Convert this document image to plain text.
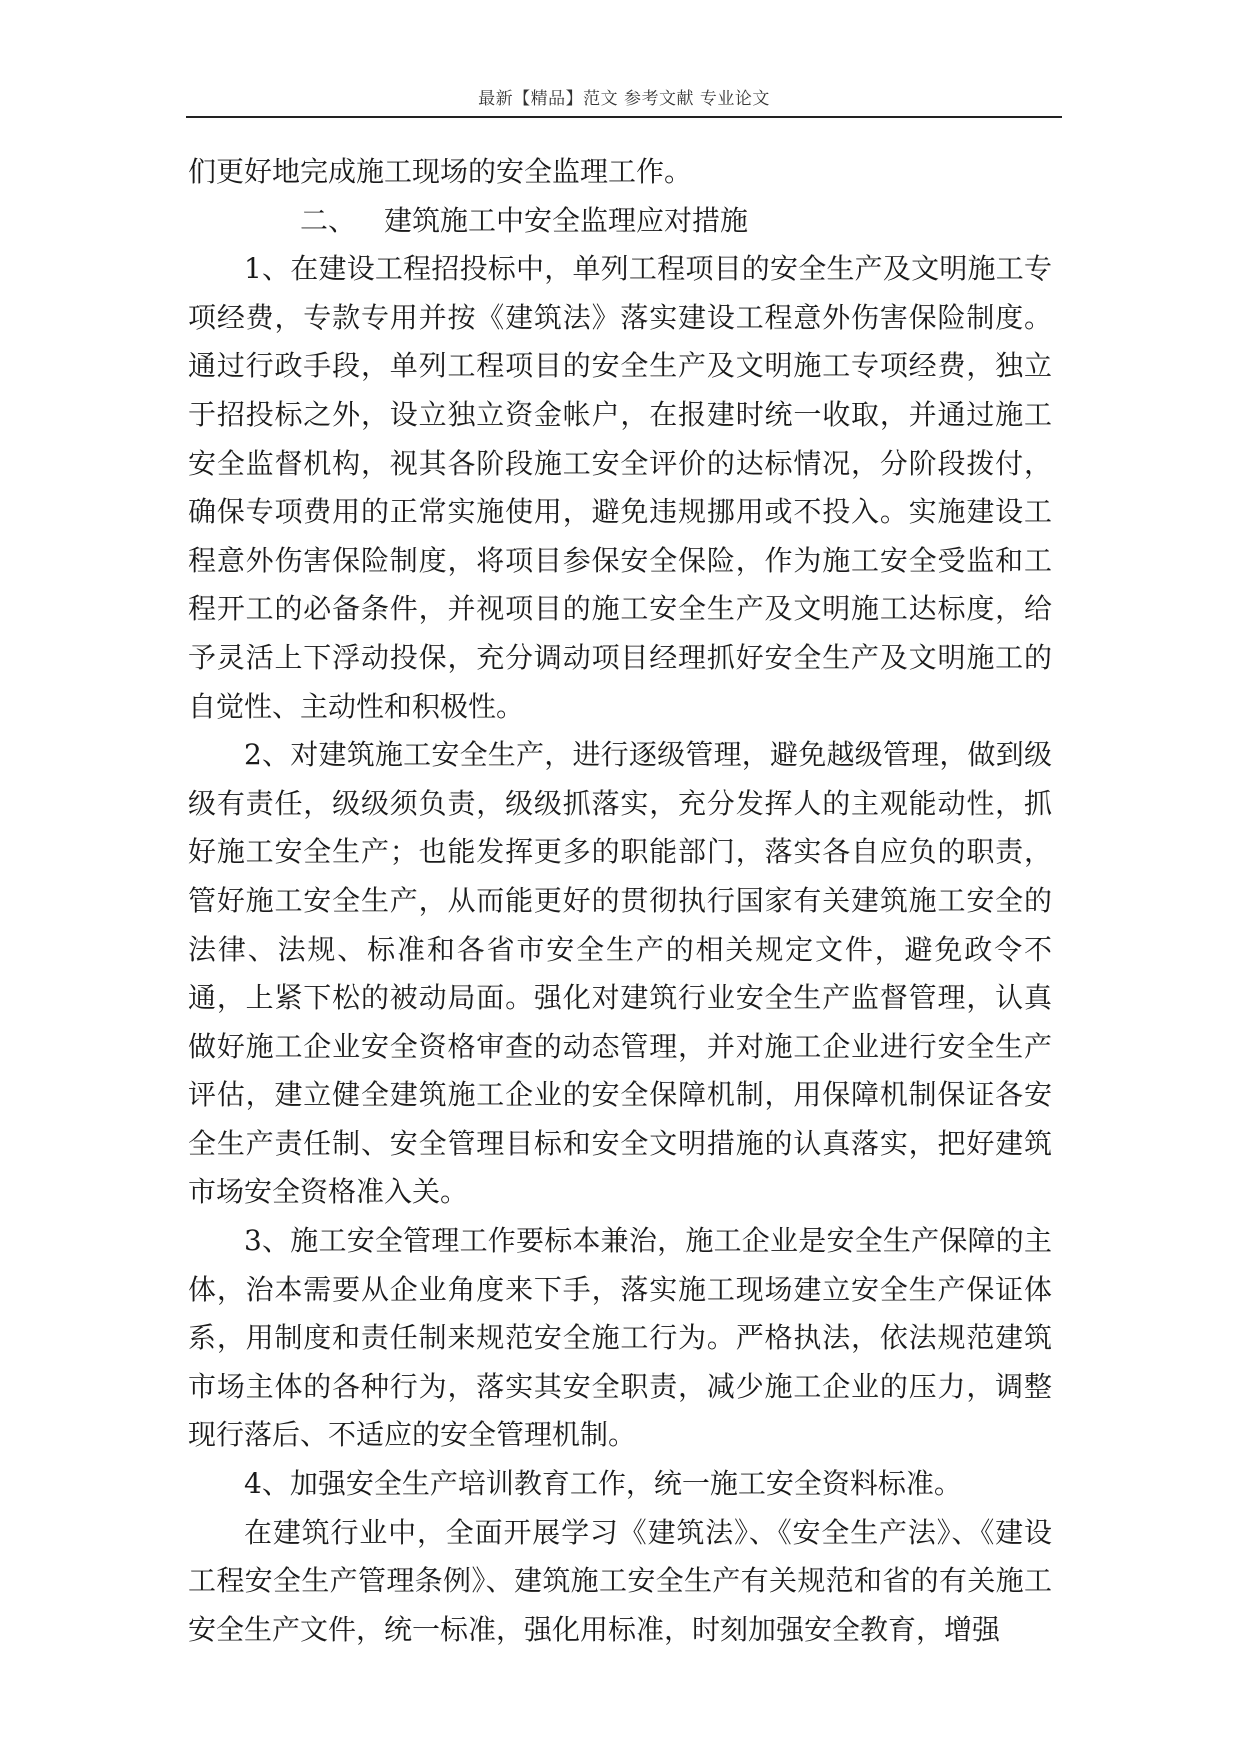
最新【精品】范文 参考文献 专业论文

们更好地完成施工现场的安全监理工作。

二、 建筑施工中安全监理应对措施

1、在建设工程招投标中，单列工程项目的安全生产及文明施工专项经费，专款专用并按《建筑法》落实建设工程意外伤害保险制度。通过行政手段，单列工程项目的安全生产及文明施工专项经费，独立于招投标之外，设立独立资金帐户，在报建时统一收取，并通过施工安全监督机构，视其各阶段施工安全评价的达标情况，分阶段拨付，确保专项费用的正常实施使用，避免违规挪用或不投入。实施建设工程意外伤害保险制度，将项目参保安全保险，作为施工安全受监和工程开工的必备条件，并视项目的施工安全生产及文明施工达标度，给予灵活上下浮动投保，充分调动项目经理抓好安全生产及文明施工的自觉性、主动性和积极性。

2、对建筑施工安全生产，进行逐级管理，避免越级管理，做到级级有责任，级级须负责，级级抓落实，充分发挥人的主观能动性，抓好施工安全生产；也能发挥更多的职能部门，落实各自应负的职责，管好施工安全生产，从而能更好的贯彻执行国家有关建筑施工安全的法律、法规、标准和各省市安全生产的相关规定文件，避免政令不通，上紧下松的被动局面。强化对建筑行业安全生产监督管理，认真做好施工企业安全资格审查的动态管理，并对施工企业进行安全生产评估，建立健全建筑施工企业的安全保障机制，用保障机制保证各安全生产责任制、安全管理目标和安全文明措施的认真落实，把好建筑市场安全资格准入关。

3、施工安全管理工作要标本兼治，施工企业是安全生产保障的主体，治本需要从企业角度来下手，落实施工现场建立安全生产保证体系，用制度和责任制来规范安全施工行为。严格执法，依法规范建筑市场主体的各种行为，落实其安全职责，减少施工企业的压力，调整现行落后、不适应的安全管理机制。

4、加强安全生产培训教育工作，统一施工安全资料标准。

在建筑行业中，全面开展学习《建筑法》、《安全生产法》、《建设工程安全生产管理条例》、建筑施工安全生产有关规范和省的有关施工安全生产文件，统一标准，强化用标准，时刻加强安全教育，增强
